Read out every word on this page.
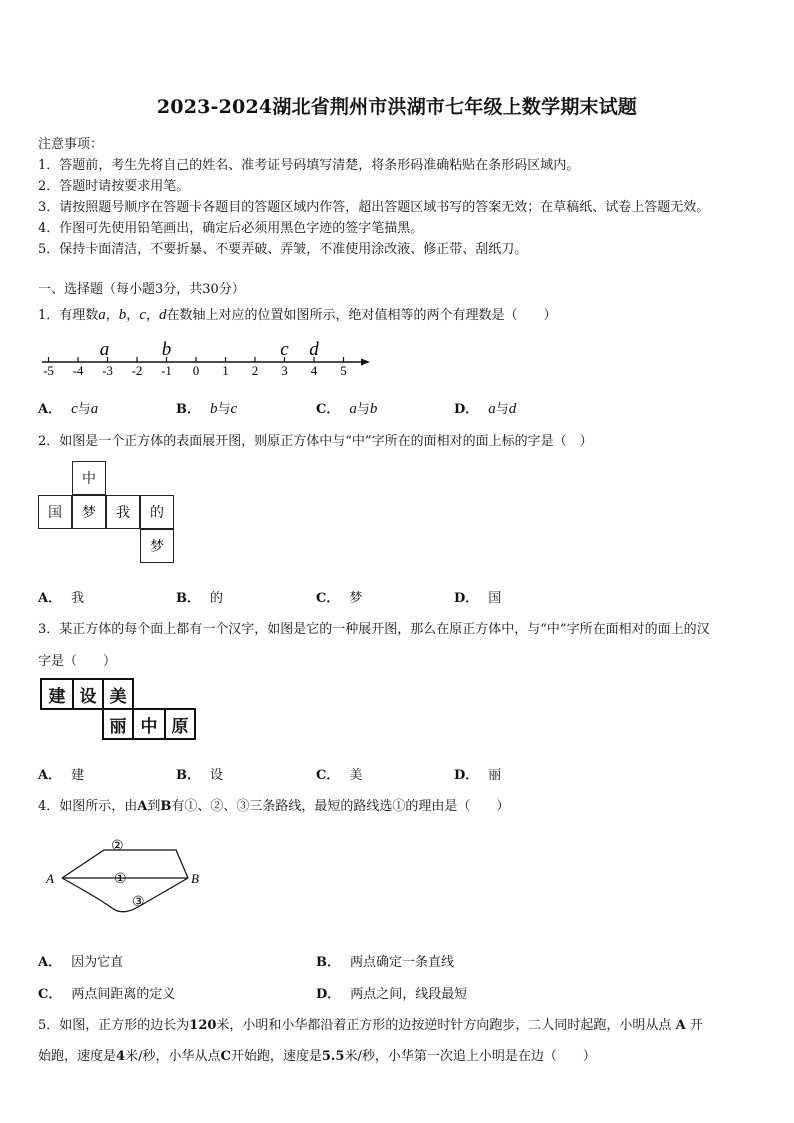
2023-2024湖北省荆州市洪湖市七年级上数学期末试题
注意事项：
1．答题前，考生先将自己的姓名、准考证号码填写清楚，将条形码准确粘贴在条形码区域内。
2．答题时请按要求用笔。
3．请按照题号顺序在答题卡各题目的答题区域内作答，超出答题区域书写的答案无效；在草稿纸、试卷上答题无效。
4．作图可先使用铅笔画出，确定后必须用黑色字迹的签字笔描黑。
5．保持卡面清洁，不要折暴、不要弄破、弄皱，不准使用涂改液、修正带、刮纸刀。
一、选择题（每小题3分，共30分）
1．有理数a，b，c，d在数轴上对应的位置如图所示，绝对值相等的两个有理数是（　　）
-5 -4 -3 -2 -1 0 1 2 3 4 5
a	b	c d
A． c与a	B． b与c	C． a与b	D． a与d
2．如图是一个正方体的表面展开图，则原正方体中与“中”字所在的面相对的面上标的字是（　）
中
国	梦	我	的
梦
A． 我	B． 的	C． 梦	D． 国
3．某正方体的每个面上都有一个汉字，如图是它的一种展开图，那么在原正方体中，与“中”字所在面相对的面上的汉
字是（　　）
建 设 美
丽 中 原
A． 建	B． 设	C． 美	D． 丽
4．如图所示，由A到B有①、②、③三条路线，最短的路线选①的理由是（　　）
A	B
②
①
③
A． 因为它直	B． 两点确定一条直线
C． 两点间距离的定义	D． 两点之间，线段最短
5．如图，正方形的边长为120米，小明和小华都沿着正方形的边按逆时针方向跑步，二人同时起跑，小明从点 A 开
始跑，速度是4米/秒，小华从点C开始跑，速度是5.5米/秒，小华第一次追上小明是在边（　　）
